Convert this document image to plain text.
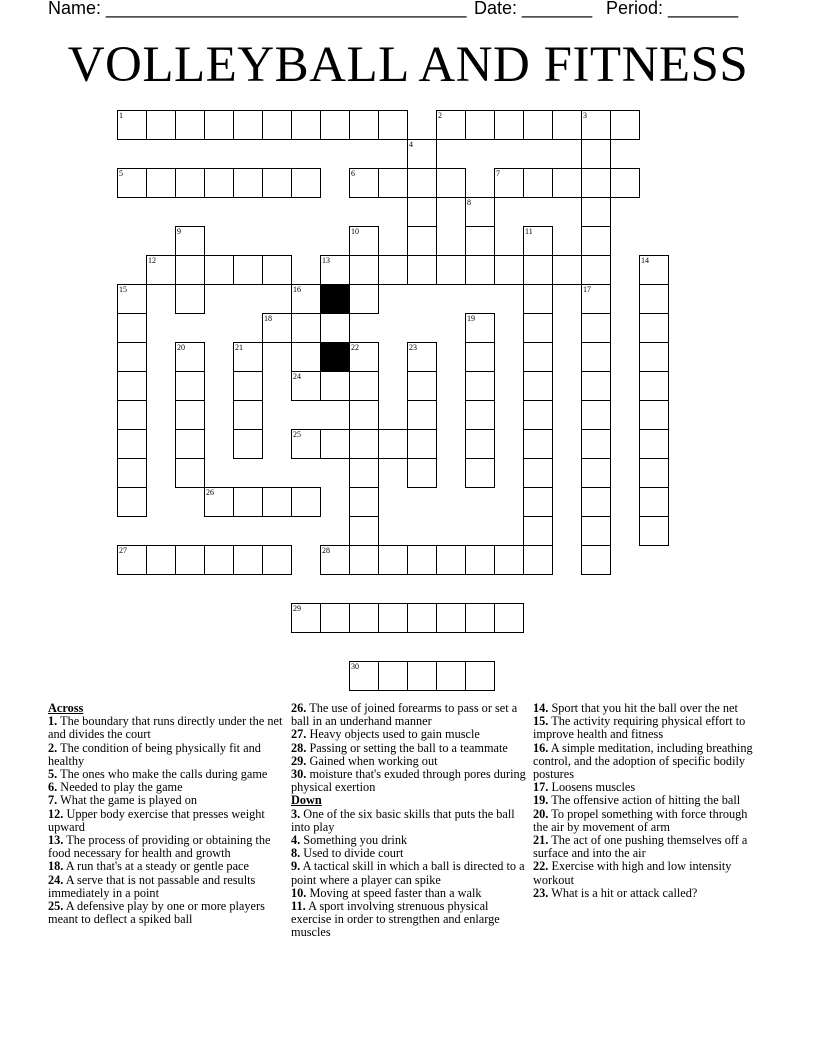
Name: ____________________________________ Date: _______ Period: _______
VOLLEYBALL AND FITNESS
1	2	3
4
5	6	7
8
9	10	11
12	13	14
15	16	17
18	19
20	21	22	23
24
25
26
27	28
29
30
Across
1. The boundary that runs directly under the net and divides the court
2. The condition of being physically fit and healthy
5. The ones who make the calls during game
6. Needed to play the game
7. What the game is played on
12. Upper body exercise that presses weight upward
13. The process of providing or obtaining the food necessary for health and growth
18. A run that's at a steady or gentle pace
24. A serve that is not passable and results immediately in a point
25. A defensive play by one or more players meant to deflect a spiked ball
26. The use of joined forearms to pass or set a ball in an underhand manner
27. Heavy objects used to gain muscle
28. Passing or setting the ball to a teammate
29. Gained when working out
30. moisture that's exuded through pores during physical exertion
Down
3. One of the six basic skills that puts the ball into play
4. Something you drink
8. Used to divide court
9. A tactical skill in which a ball is directed to a point where a player can spike
10. Moving at speed faster than a walk
11. A sport involving strenuous physical exercise in order to strengthen and enlarge muscles
14. Sport that you hit the ball over the net
15. The activity requiring physical effort to improve health and fitness
16. A simple meditation, including breathing control, and the adoption of specific bodily postures
17. Loosens muscles
19. The offensive action of hitting the ball
20. To propel something with force through the air by movement of arm
21. The act of one pushing themselves off a surface and into the air
22. Exercise with high and low intensity workout
23. What is a hit or attack called?
